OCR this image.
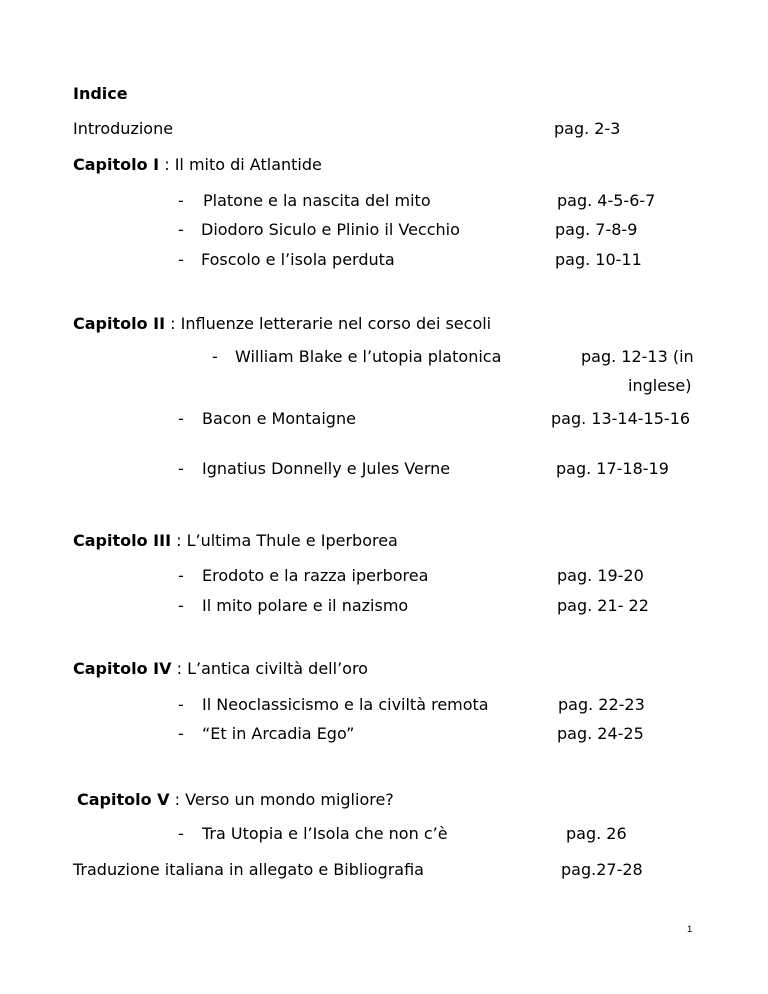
Indice
Introduzione	pag. 2-3
Capitolo I : Il mito di Atlantide
- Platone e la nascita del mito	pag. 4-5-6-7
- Diodoro Siculo e Plinio il Vecchio	pag. 7-8-9
- Foscolo e l’isola perduta	pag. 10-11
Capitolo II : Influenze letterarie nel corso dei secoli
- William Blake e l’utopia platonica	pag. 12-13 (in
inglese)
- Bacon e Montaigne	pag. 13-14-15-16
- Ignatius Donnelly e Jules Verne	pag. 17-18-19
Capitolo III : L’ultima Thule e Iperborea
- Erodoto e la razza iperborea	pag. 19-20
- Il mito polare e il nazismo	pag. 21- 22
Capitolo IV : L’antica civiltà dell’oro
- Il Neoclassicismo e la civiltà remota	pag. 22-23
- “Et in Arcadia Ego”	pag. 24-25
Capitolo V : Verso un mondo migliore?
- Tra Utopia e l’Isola che non c’è	pag. 26
Traduzione italiana in allegato e Bibliografia	pag.27-28
1
